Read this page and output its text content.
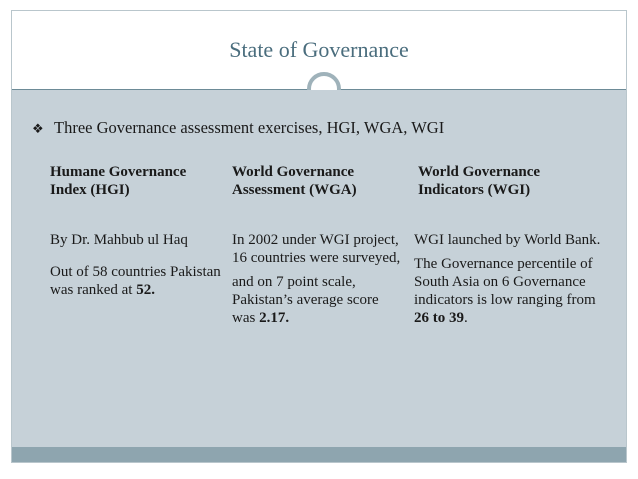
State of Governance
❖ Three Governance assessment exercises, HGI, WGA, WGI
Humane Governance Index (HGI)
By Dr. Mahbub ul Haq
Out of 58 countries Pakistan was ranked at 52.
World Governance Assessment (WGA)
In 2002 under WGI project, 16 countries were surveyed,
and on 7 point scale, Pakistan’s average score was 2.17.
World Governance Indicators (WGI)
WGI launched by World Bank.
The Governance percentile of South Asia on 6 Governance indicators is low ranging from 26 to 39.
